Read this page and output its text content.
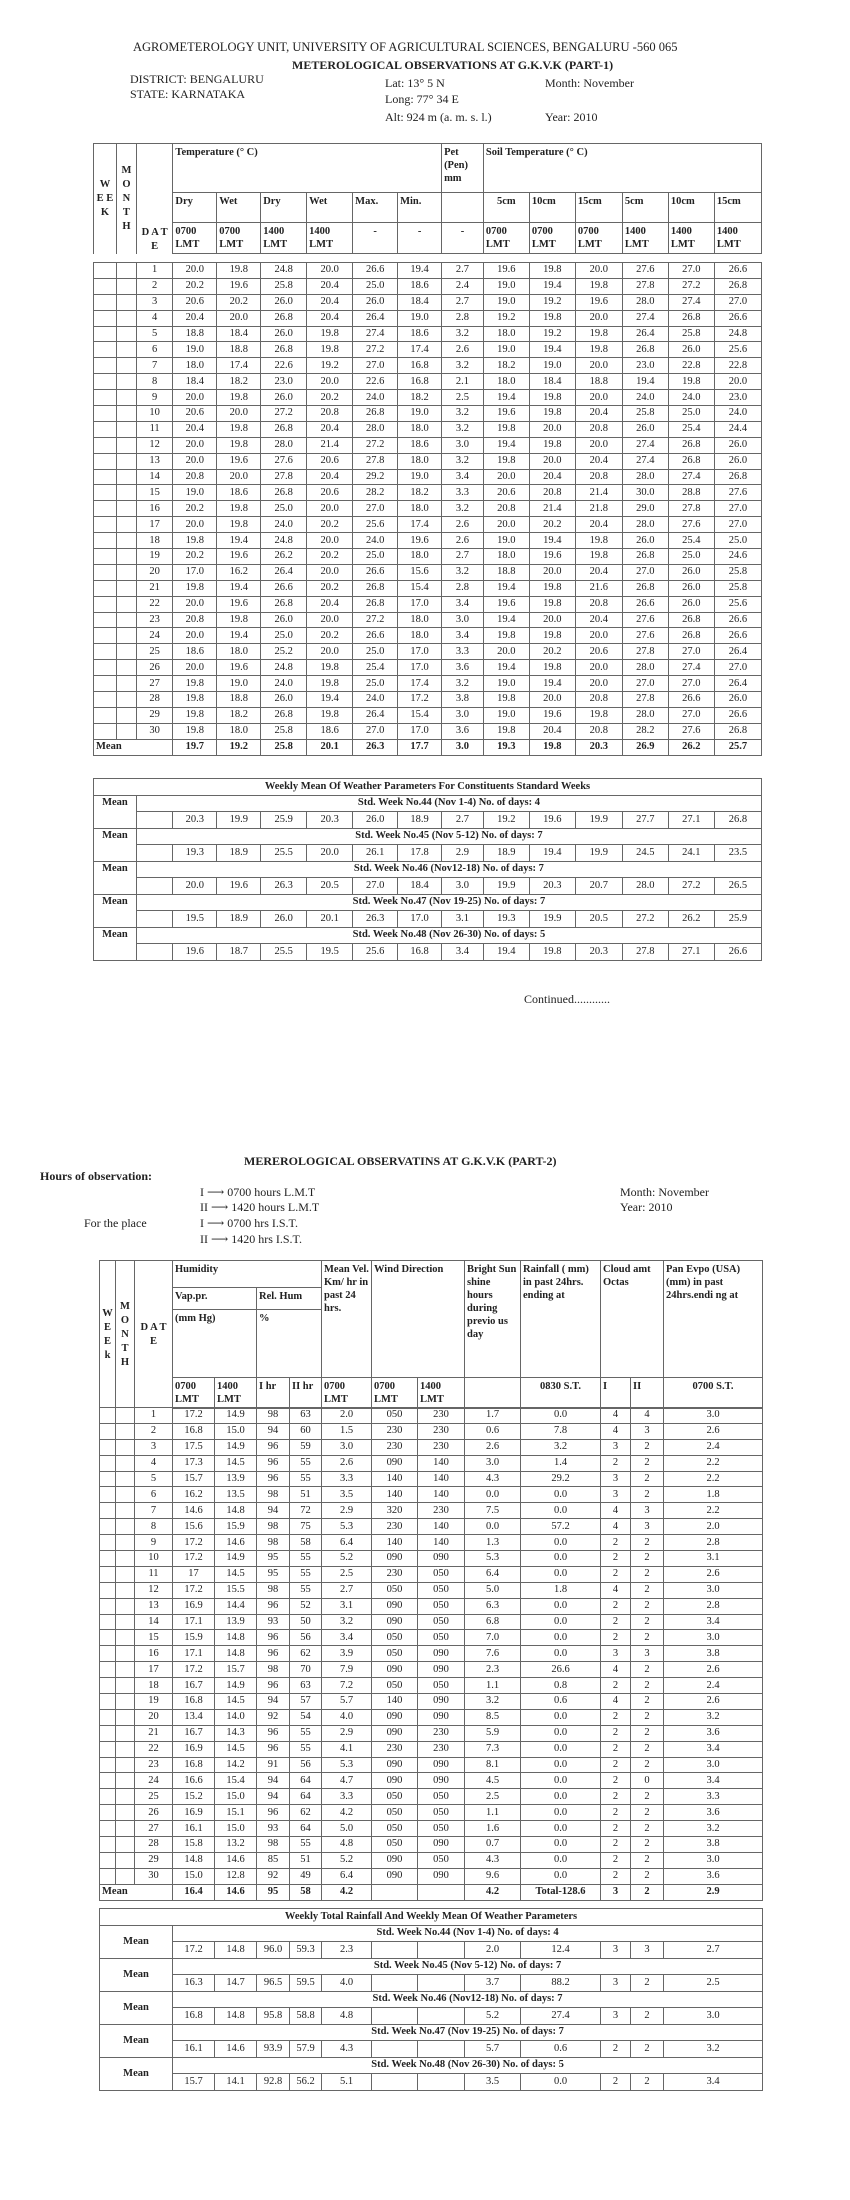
AGROMETEROLOGY UNIT, UNIVERSITY OF AGRICULTURAL SCIENCES, BENGALURU -560 065
METEROLOGICAL OBSERVATIONS AT G.K.V.K (PART-1)
DISTRICT: BENGALURU
STATE: KARNATAKA
Lat: 13° 5 N
Long: 77° 34 E
Alt: 924 m (a. m. s. l.)
Month: November
Year: 2010
W E E K	M O N T H	D A T E	Temperature (° C)						Pet (Pen) mm	Soil Temperature (° C)					
			Dry	Wet	Dry	Wet	Max.	Min.		5cm	10cm	15cm	5cm	10cm	15cm
			0700 LMT	0700 LMT	1400 LMT	1400 LMT	-	-	-	0700 LMT	0700 LMT	0700 LMT	1400 LMT	1400 LMT	1400 LMT
		1	20.0	19.8	24.8	20.0	26.6	19.4	2.7	19.6	19.8	20.0	27.6	27.0	26.6
		2	20.2	19.6	25.8	20.4	25.0	18.6	2.4	19.0	19.4	19.8	27.8	27.2	26.8
		3	20.6	20.2	26.0	20.4	26.0	18.4	2.7	19.0	19.2	19.6	28.0	27.4	27.0
		4	20.4	20.0	26.8	20.4	26.4	19.0	2.8	19.2	19.8	20.0	27.4	26.8	26.6
		5	18.8	18.4	26.0	19.8	27.4	18.6	3.2	18.0	19.2	19.8	26.4	25.8	24.8
		6	19.0	18.8	26.8	19.8	27.2	17.4	2.6	19.0	19.4	19.8	26.8	26.0	25.6
		7	18.0	17.4	22.6	19.2	27.0	16.8	3.2	18.2	19.0	20.0	23.0	22.8	22.8
		8	18.4	18.2	23.0	20.0	22.6	16.8	2.1	18.0	18.4	18.8	19.4	19.8	20.0
		9	20.0	19.8	26.0	20.2	24.0	18.2	2.5	19.4	19.8	20.0	24.0	24.0	23.0
		10	20.6	20.0	27.2	20.8	26.8	19.0	3.2	19.6	19.8	20.4	25.8	25.0	24.0
		11	20.4	19.8	26.8	20.4	28.0	18.0	3.2	19.8	20.0	20.8	26.0	25.4	24.4
		12	20.0	19.8	28.0	21.4	27.2	18.6	3.0	19.4	19.8	20.0	27.4	26.8	26.0
		13	20.0	19.6	27.6	20.6	27.8	18.0	3.2	19.8	20.0	20.4	27.4	26.8	26.0
		14	20.8	20.0	27.8	20.4	29.2	19.0	3.4	20.0	20.4	20.8	28.0	27.4	26.8
		15	19.0	18.6	26.8	20.6	28.2	18.2	3.3	20.6	20.8	21.4	30.0	28.8	27.6
		16	20.2	19.8	25.0	20.0	27.0	18.0	3.2	20.8	21.4	21.8	29.0	27.8	27.0
		17	20.0	19.8	24.0	20.2	25.6	17.4	2.6	20.0	20.2	20.4	28.0	27.6	27.0
		18	19.8	19.4	24.8	20.0	24.0	19.6	2.6	19.0	19.4	19.8	26.0	25.4	25.0
		19	20.2	19.6	26.2	20.2	25.0	18.0	2.7	18.0	19.6	19.8	26.8	25.0	24.6
		20	17.0	16.2	26.4	20.0	26.6	15.6	3.2	18.8	20.0	20.4	27.0	26.0	25.8
		21	19.8	19.4	26.6	20.2	26.8	15.4	2.8	19.4	19.8	21.6	26.8	26.0	25.8
		22	20.0	19.6	26.8	20.4	26.8	17.0	3.4	19.6	19.8	20.8	26.6	26.0	25.6
		23	20.8	19.8	26.0	20.0	27.2	18.0	3.0	19.4	20.0	20.4	27.6	26.8	26.6
		24	20.0	19.4	25.0	20.2	26.6	18.0	3.4	19.8	19.8	20.0	27.6	26.8	26.6
		25	18.6	18.0	25.2	20.0	25.0	17.0	3.3	20.0	20.2	20.6	27.8	27.0	26.4
		26	20.0	19.6	24.8	19.8	25.4	17.0	3.6	19.4	19.8	20.0	28.0	27.4	27.0
		27	19.8	19.0	24.0	19.8	25.0	17.4	3.2	19.0	19.4	20.0	27.0	27.0	26.4
		28	19.8	18.8	26.0	19.4	24.0	17.2	3.8	19.8	20.0	20.8	27.8	26.6	26.0
		29	19.8	18.2	26.8	19.8	26.4	15.4	3.0	19.0	19.6	19.8	28.0	27.0	26.6
		30	19.8	18.0	25.8	18.6	27.0	17.0	3.6	19.8	20.4	20.8	28.2	27.6	26.8
Mean			19.7	19.2	25.8	20.1	26.3	17.7	3.0	19.3	19.8	20.3	26.9	26.2	25.7
Weekly Mean Of Weather Parameters For Constituents Standard Weeks														
Mean	Std. Week No.44 (Nov 1-4) No. of days: 4													
		20.3	19.9	25.9	20.3	26.0	18.9	2.7	19.2	19.6	19.9	27.7	27.1	26.8
Mean	Std. Week No.45 (Nov 5-12) No. of days: 7													
		19.3	18.9	25.5	20.0	26.1	17.8	2.9	18.9	19.4	19.9	24.5	24.1	23.5
Mean	Std. Week No.46 (Nov12-18) No. of days: 7													
		20.0	19.6	26.3	20.5	27.0	18.4	3.0	19.9	20.3	20.7	28.0	27.2	26.5
Mean	Std. Week No.47 (Nov 19-25) No. of days: 7													
		19.5	18.9	26.0	20.1	26.3	17.0	3.1	19.3	19.9	20.5	27.2	26.2	25.9
Mean	Std. Week No.48 (Nov 26-30) No. of days: 5													
		19.6	18.7	25.5	19.5	25.6	16.8	3.4	19.4	19.8	20.3	27.8	27.1	26.6
Continued............
MEREROLOGICAL OBSERVATINS AT G.K.V.K (PART-2)
Hours of observation:
I ⟶ 0700 hours L.M.T
II ⟶ 1420 hours L.M.T
For the place	I ⟶ 0700 hrs I.S.T.
II ⟶ 1420 hrs I.S.T.
Month: November
Year: 2010
W E E k	M O N T H	D A T E	Humidity				Mean Vel. Km/ hr in past 24 hrs.	Wind Direction		Bright Sun shine hours during previo us day	Rainfall ( mm) in past 24hrs. ending at	Cloud amt Octas		Pan Evpo (USA) (mm) in past 24hrs.endi ng at
			Vap.pr.		Rel. Hum									
			(mm Hg)		%									
			0700 LMT	1400 LMT	I hr	II hr	0700 LMT	0700 LMT	1400 LMT		0830 S.T.	I	II	0700 S.T.
		1	17.2	14.9	98	63	2.0	050	230	1.7	0.0	4	4	3.0
		2	16.8	15.0	94	60	1.5	230	230	0.6	7.8	4	3	2.6
		3	17.5	14.9	96	59	3.0	230	230	2.6	3.2	3	2	2.4
		4	17.3	14.5	96	55	2.6	090	140	3.0	1.4	2	2	2.2
		5	15.7	13.9	96	55	3.3	140	140	4.3	29.2	3	2	2.2
		6	16.2	13.5	98	51	3.5	140	140	0.0	0.0	3	2	1.8
		7	14.6	14.8	94	72	2.9	320	230	7.5	0.0	4	3	2.2
		8	15.6	15.9	98	75	5.3	230	140	0.0	57.2	4	3	2.0
		9	17.2	14.6	98	58	6.4	140	140	1.3	0.0	2	2	2.8
		10	17.2	14.9	95	55	5.2	090	090	5.3	0.0	2	2	3.1
		11	17	14.5	95	55	2.5	230	050	6.4	0.0	2	2	2.6
		12	17.2	15.5	98	55	2.7	050	050	5.0	1.8	4	2	3.0
		13	16.9	14.4	96	52	3.1	090	050	6.3	0.0	2	2	2.8
		14	17.1	13.9	93	50	3.2	090	050	6.8	0.0	2	2	3.4
		15	15.9	14.8	96	56	3.4	050	050	7.0	0.0	2	2	3.0
		16	17.1	14.8	96	62	3.9	050	090	7.6	0.0	3	3	3.8
		17	17.2	15.7	98	70	7.9	090	090	2.3	26.6	4	2	2.6
		18	16.7	14.9	96	63	7.2	050	050	1.1	0.8	2	2	2.4
		19	16.8	14.5	94	57	5.7	140	090	3.2	0.6	4	2	2.6
		20	13.4	14.0	92	54	4.0	090	090	8.5	0.0	2	2	3.2
		21	16.7	14.3	96	55	2.9	090	230	5.9	0.0	2	2	3.6
		22	16.9	14.5	96	55	4.1	230	230	7.3	0.0	2	2	3.4
		23	16.8	14.2	91	56	5.3	090	090	8.1	0.0	2	2	3.0
		24	16.6	15.4	94	64	4.7	090	090	4.5	0.0	2	0	3.4
		25	15.2	15.0	94	64	3.3	050	050	2.5	0.0	2	2	3.3
		26	16.9	15.1	96	62	4.2	050	050	1.1	0.0	2	2	3.6
		27	16.1	15.0	93	64	5.0	050	050	1.6	0.0	2	2	3.2
		28	15.8	13.2	98	55	4.8	050	090	0.7	0.0	2	2	3.8
		29	14.8	14.6	85	51	5.2	090	050	4.3	0.0	2	2	3.0
		30	15.0	12.8	92	49	6.4	090	090	9.6	0.0	2	2	3.6
Mean			16.4	14.6	95	58	4.2			4.2	Total-128.6	3	2	2.9
Weekly Total Rainfall And Weekly Mean Of Weather Parameters												
Mean	Std. Week No.44 (Nov 1-4) No. of days: 4											
	17.2	14.8	96.0	59.3	2.3			2.0	12.4	3	3	2.7
Mean	Std. Week No.45 (Nov 5-12) No. of days: 7											
	16.3	14.7	96.5	59.5	4.0			3.7	88.2	3	2	2.5
Mean	Std. Week No.46 (Nov12-18) No. of days: 7											
	16.8	14.8	95.8	58.8	4.8			5.2	27.4	3	2	3.0
Mean	Std. Week No.47 (Nov 19-25) No. of days: 7											
	16.1	14.6	93.9	57.9	4.3			5.7	0.6	2	2	3.2
Mean	Std. Week No.48 (Nov 26-30) No. of days: 5											
	15.7	14.1	92.8	56.2	5.1			3.5	0.0	2	2	3.4
